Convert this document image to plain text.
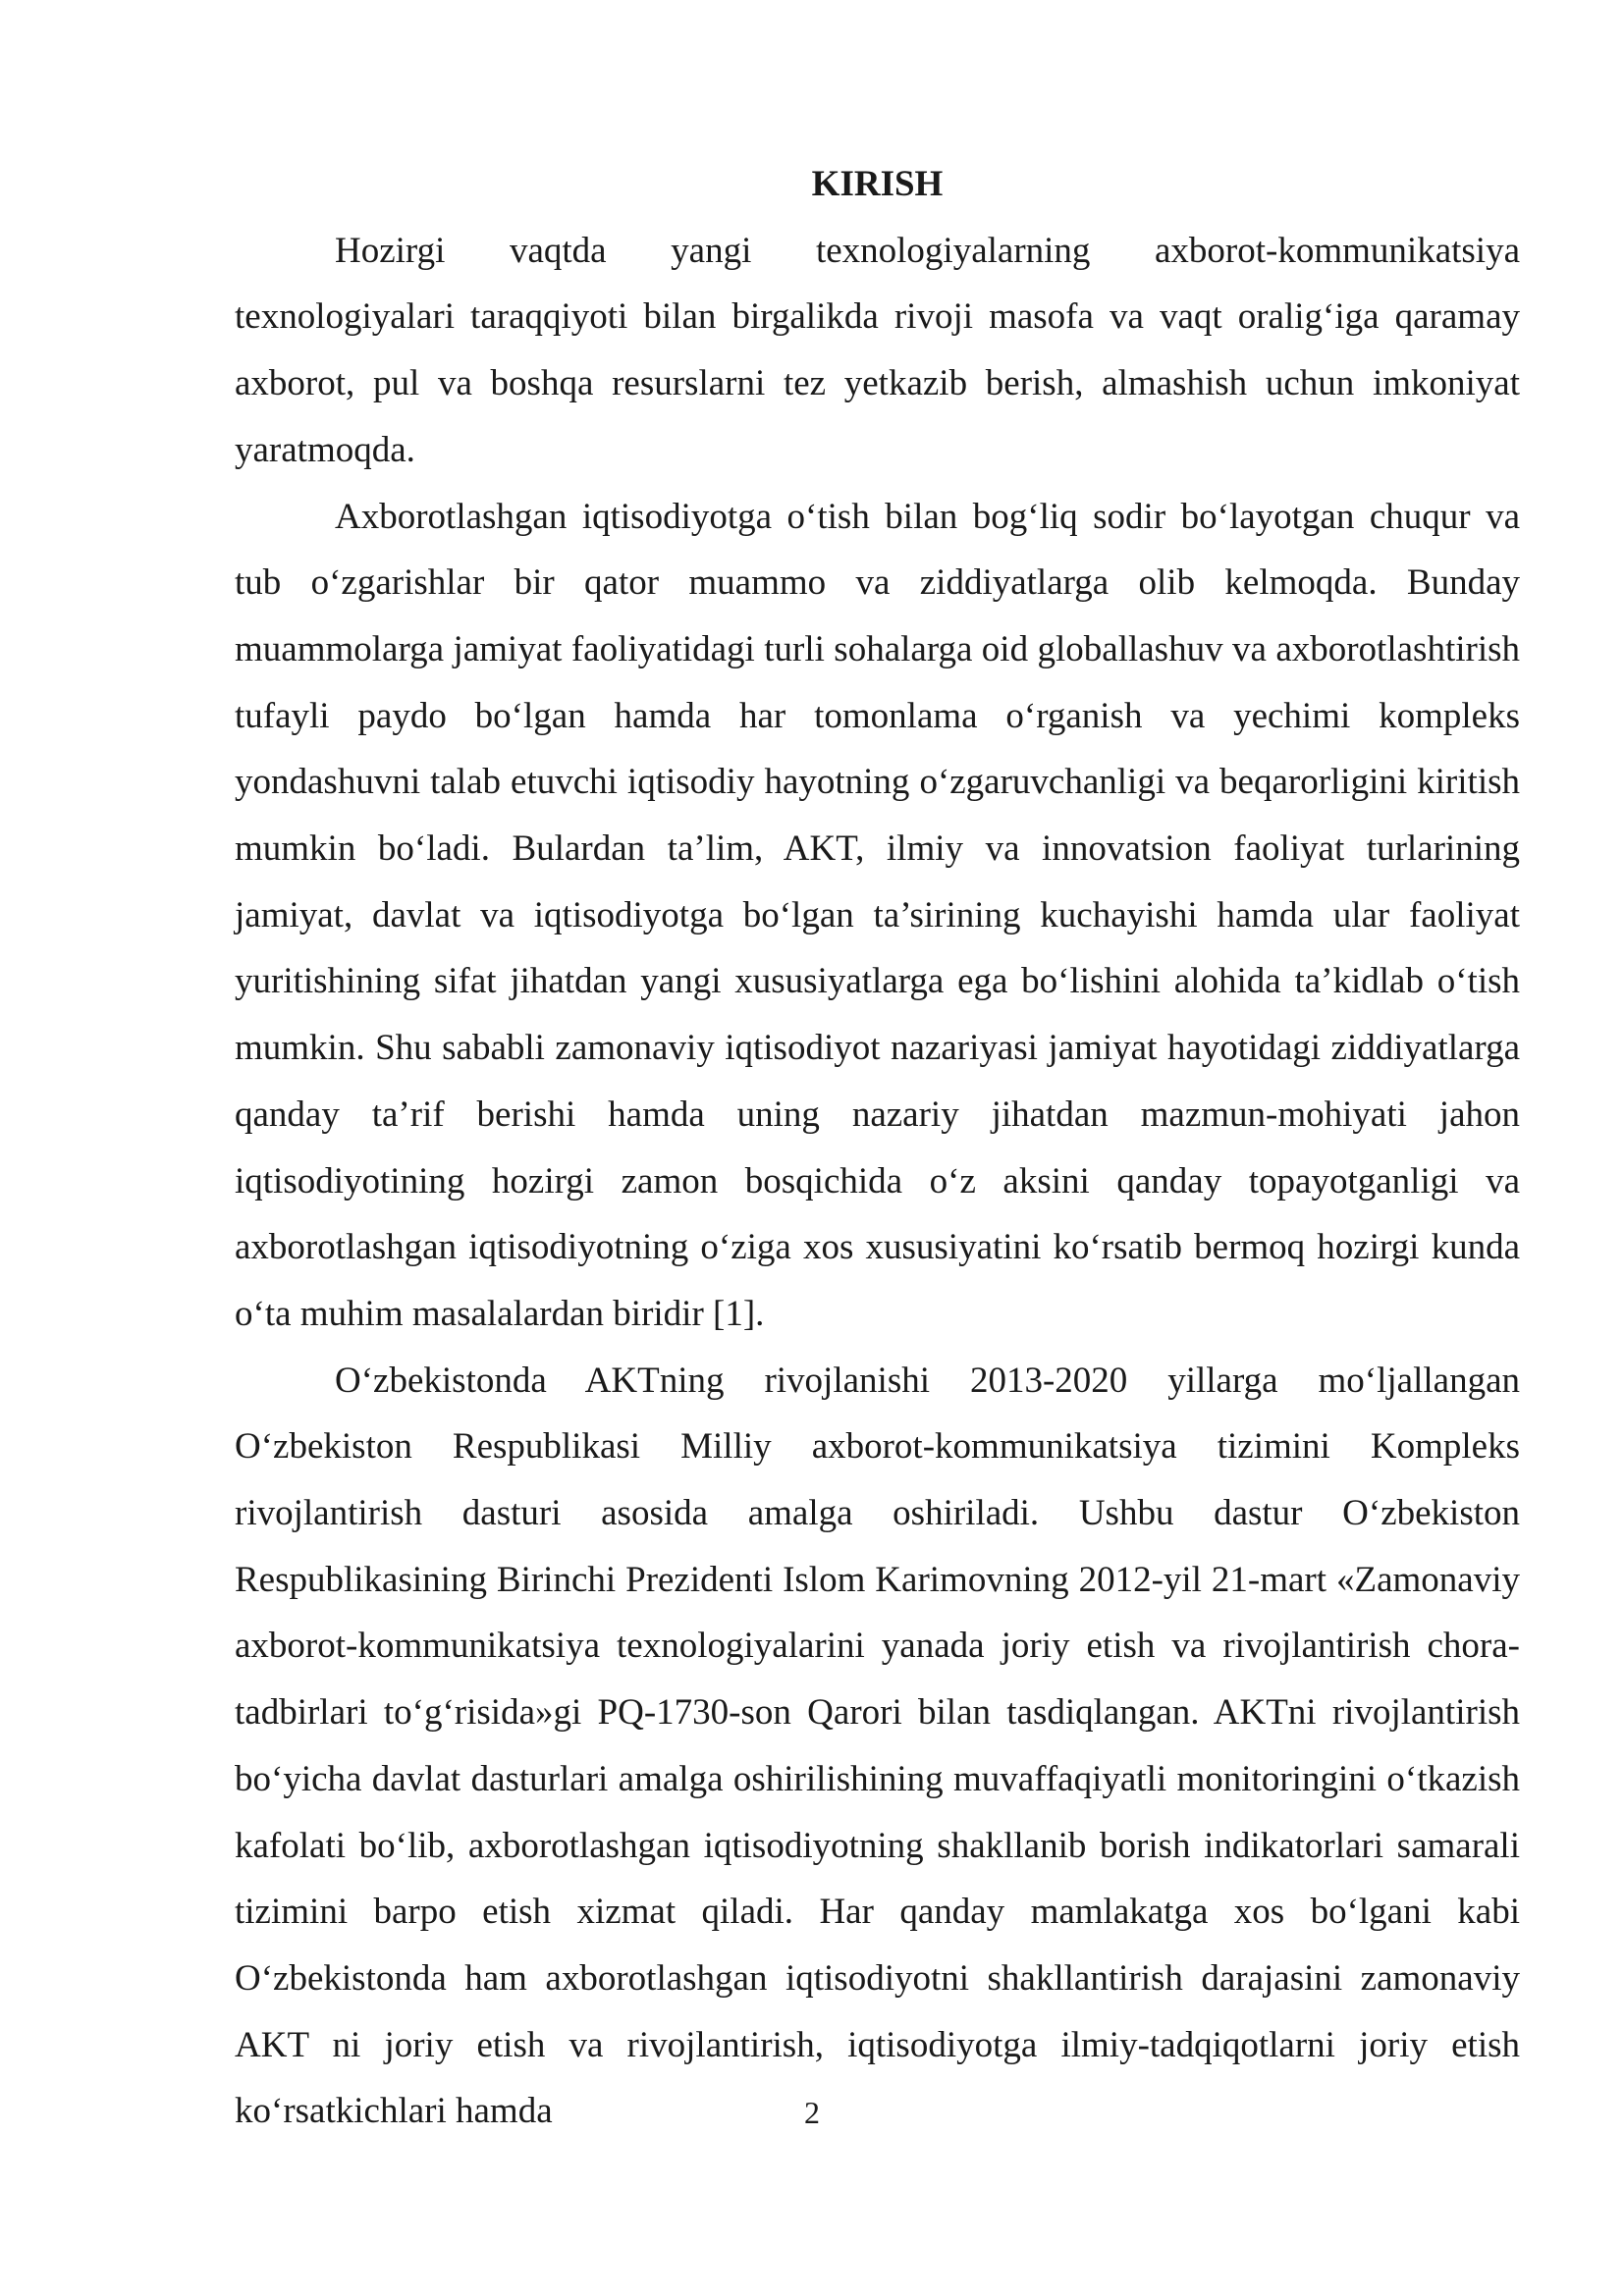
KIRISH

Hozirgi vaqtda yangi texnologiyalarning axborot-kommunikatsiya texnologiyalari taraqqiyoti bilan birgalikda rivoji masofa va vaqt oralig‘iga qaramay axborot, pul va boshqa resurslarni tez yetkazib berish, almashish uchun imkoniyat yaratmoqda.

Axborotlashgan iqtisodiyotga o‘tish bilan bog‘liq sodir bo‘layotgan chuqur va tub o‘zgarishlar bir qator muammo va ziddiyatlarga olib kelmoqda. Bunday muammolarga jamiyat faoliyatidagi turli sohalarga oid globallashuv va axborotlashtirish tufayli paydo bo‘lgan hamda har tomonlama o‘rganish va yechimi kompleks yondashuvni talab etuvchi iqtisodiy hayotning o‘zgaruvchanligi va beqarorligini kiritish mumkin bo‘ladi. Bulardan ta’lim, AKT, ilmiy va innovatsion faoliyat turlarining jamiyat, davlat va iqtisodiyotga bo‘lgan ta’sirining kuchayishi hamda ular faoliyat yuritishining sifat jihatdan yangi xususiyatlarga ega bo‘lishini alohida ta’kidlab o‘tish mumkin. Shu sababli zamonaviy iqtisodiyot nazariyasi jamiyat hayotidagi ziddiyatlarga qanday ta’rif berishi hamda uning nazariy jihatdan mazmun-mohiyati jahon iqtisodiyotining hozirgi zamon bosqichida o‘z aksini qanday topayotganligi va axborotlashgan iqtisodiyotning o‘ziga xos xususiyatini ko‘rsatib bermoq hozirgi kunda o‘ta muhim masalalardan biridir [1].

O‘zbekistonda AKTning rivojlanishi 2013-2020 yillarga mo‘ljallangan O‘zbekiston Respublikasi Milliy axborot-kommunikatsiya tizimini Kompleks rivojlantirish dasturi asosida amalga oshiriladi. Ushbu dastur O‘zbekiston Respublikasining Birinchi Prezidenti Islom Karimovning 2012-yil 21-mart «Zamonaviy axborot-kommunikatsiya texnologiyalarini yanada joriy etish va rivojlantirish chora-tadbirlari to‘g‘risida»gi PQ-1730-son Qarori bilan tasdiqlangan. AKTni rivojlantirish bo‘yicha davlat dasturlari amalga oshirilishining muvaffaqiyatli monitoringini o‘tkazish kafolati bo‘lib, axborotlashgan iqtisodiyotning shakllanib borish indikatorlari samarali tizimini barpo etish xizmat qiladi. Har qanday mamlakatga xos bo‘lgani kabi O‘zbekistonda ham axborotlashgan iqtisodiyotni shakllantirish darajasini zamonaviy AKT ni joriy etish va rivojlantirish, iqtisodiyotga ilmiy-tadqiqotlarni joriy etish ko‘rsatkichlari hamda	2
